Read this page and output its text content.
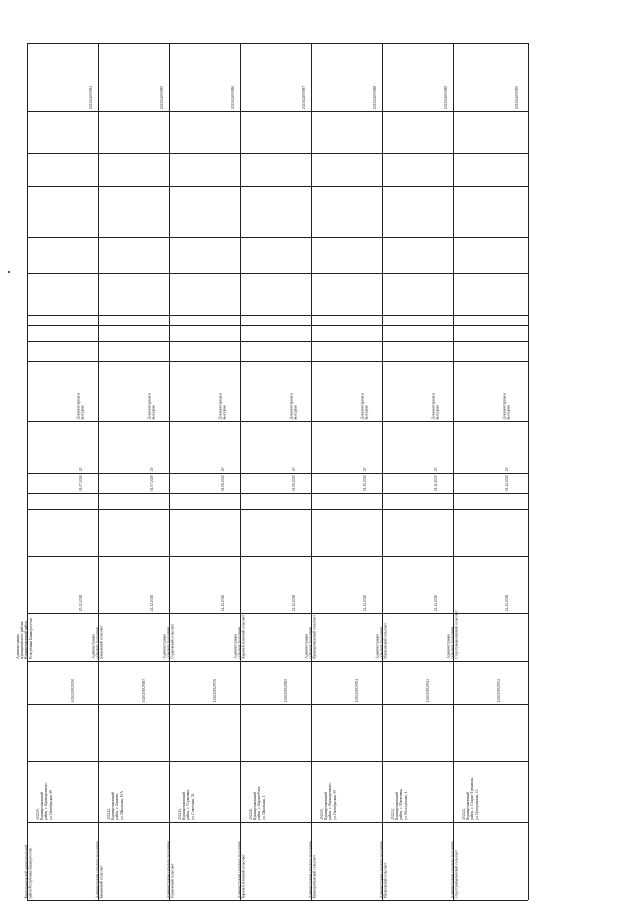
Кушнаренковский муниципальный район Республики Башкортостан
452230, Кушнаренковский район, с. Кушнаренково, ул. Октябрьская, 69
1020201929390
Администрация муниципального района Кушнаренковский район Республики Башкортостан
25.12.2018
01.07.2020
20
Документарная и выездная
2021024000084
Администрация сельского поселения Бакаевский сельсовет
452242, Кушнаренковский район, с. Бакаево, ул. Школьная, 10А
1020201929587
Администрация сельского поселения Бакаевский сельсовет
24.12.2018
01.07.2020
20
Документарная и выездная
2021024000085
Администрация сельского поселения Горьковский сельсовет
452241, Кушнаренковский район, с. Горьковка, ул. Советская, 54
1020201929576
Администрация сельского поселения Горьковский сельсовет
24.12.2018
01.08.2020
20
Документарная и выездная
2021024000086
Администрация сельского поселения Карача-Елгинский сельсовет
452246, Кушнаренковский район, с. Карача-Елга, ул. Школьная, 1
1020201929565
Администрация сельского поселения Карача-Елгинский сельсовет
24.12.2018
01.09.2020
20
Документарная и выездная
2021024000087
Администрация сельского поселения Кушнаренковский сельсовет
452230, Кушнаренковский район, с. Кушнаренково, ул. Октябрьская, 95
1020201929554
Администрация сельского поселения Кушнаренковский сельсовет
24.12.2018
01.10.2020
20
Документарная и выездная
2021024000088
Администрация сельского поселения Матвеевский сельсовет
452232, Кушнаренковский район, с. Матвеевка, ул. Молодёжная, 1
1020201929543
Администрация сельского поселения Матвеевский сельсовет
24.12.2018
01.11.2020
20
Документарная и выездная
2021024000089
Администрация сельского поселения Старотукмаклинский сельсовет
452244, Кушнаренковский район, с. Старые Тукмаклы, ул. Центральная, 13
1020201929532
Администрация сельского поселения Старотукмаклинский сельсовет
24.12.2018
01.12.2020
20
Документарная и выездная
2021024000090
